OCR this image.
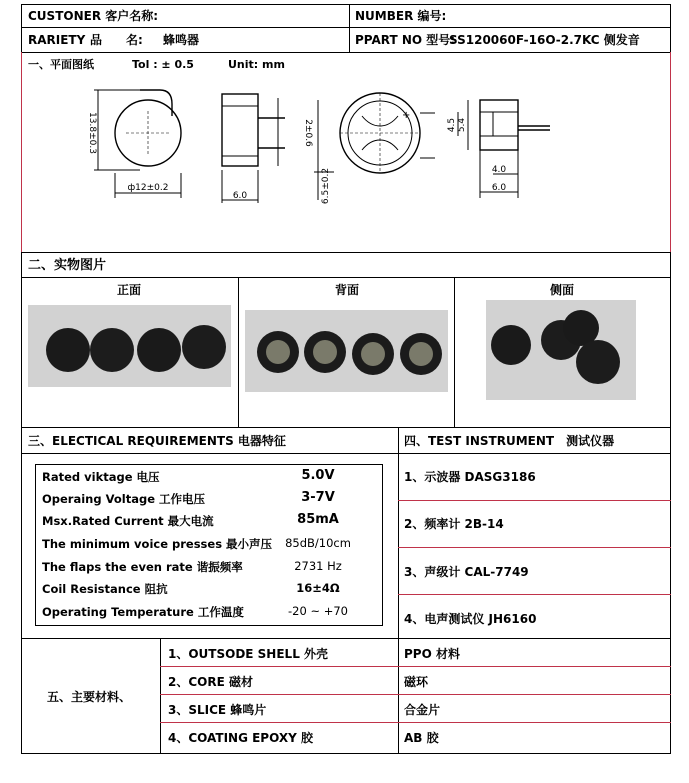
CUSTONER 客户名称:	NUMBER 编号:
RARIETY 品　　名: 蜂鸣器	PPART NO 型号:
SS120060F-16O-2.7KC 侧发音
一、平面图纸	Tol : ± 0.5	Unit: mm
13.8±0.3
ф12±0.2
6.0
2±0.6
6.5±0.2
+
5.4
4.5
4.0
6.0
二、实物图片
正面	背面	侧面
三、ELECTICAL REQUIREMENTS 电器特征	四、TEST INSTRUMENT　测试仪器
Rated viktage 电压	5.0V
Operaing Voltage 工作电压	3-7V
Msx.Rated Current 最大电流	85mA
The minimum voice presses 最小声压 85dB/10cm
The flaps the even rate 谐振频率	2731 Hz
Coil Resistance 阻抗	16±4Ω
Operating Temperature 工作温度	-20 ~ +70
1、示波器 DASG3186
2、频率计 2B-14
3、声级计 CAL-7749
4、电声测试仪 JH6160
五、主要材料、
1、OUTSODE SHELL 外壳	PPO 材料
2、CORE 磁材	磁环
3、SLICE 蜂鸣片	合金片
4、COATING EPOXY 胶	AB 胶
